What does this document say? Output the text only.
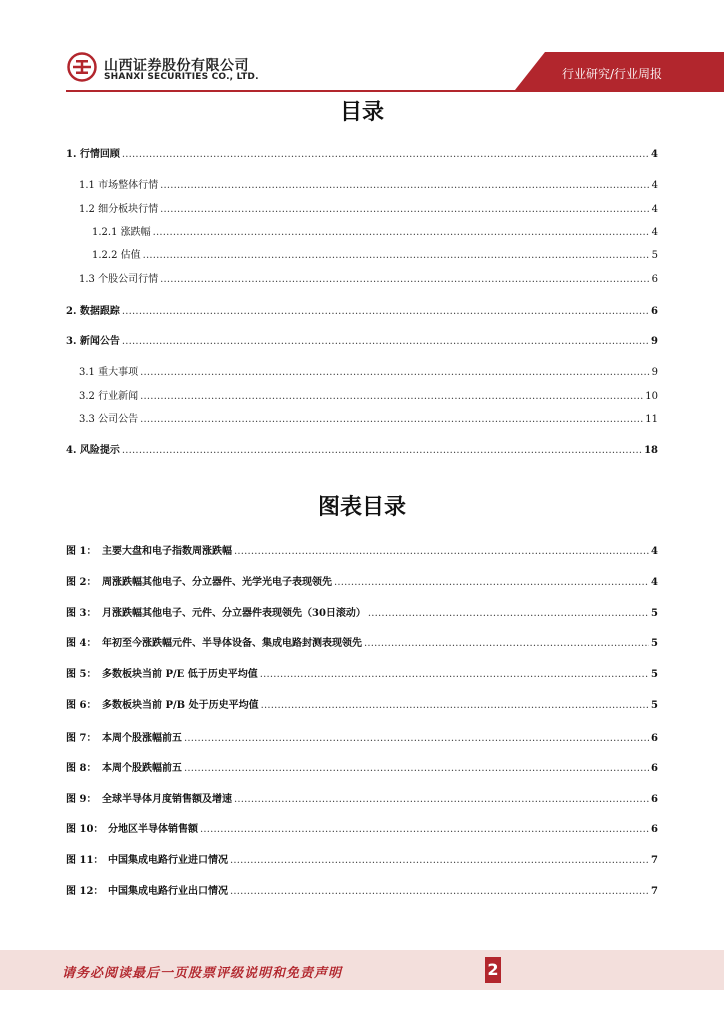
行业研究/行业周报
山西证券股份有限公司
SHANXI SECURITIES CO., LTD.
目录
1. 行情回顾 .....	4
1.1 市场整体行情 .....	4
1.2 细分板块行情 .....	4
1.2.1 涨跌幅 .....	4
1.2.2 估值 .....	5
1.3 个股公司行情 .....	6
2. 数据跟踪 .....	6
3. 新闻公告 .....	9
3.1 重大事项 .....	9
3.2 行业新闻 .....	10
3.3 公司公告 .....	11
4. 风险提示 .....	18
图表目录
图 1： 主要大盘和电子指数周涨跌幅 .....	4
图 2： 周涨跌幅其他电子、分立器件、光学光电子表现领先 .....	4
图 3： 月涨跌幅其他电子、元件、分立器件表现领先（30日滚动） .....	5
图 4： 年初至今涨跌幅元件、半导体设备、集成电路封测表现领先 .....	5
图 5： 多数板块当前 P/E 低于历史平均值 .....	5
图 6： 多数板块当前 P/B 处于历史平均值 .....	5
图 7： 本周个股涨幅前五 .....	6
图 8： 本周个股跌幅前五 .....	6
图 9： 全球半导体月度销售额及增速 .....	6
图 10： 分地区半导体销售额 .....	6
图 11： 中国集成电路行业进口情况 .....	7
图 12： 中国集成电路行业出口情况 .....	7
请务必阅读最后一页股票评级说明和免责声明	2
